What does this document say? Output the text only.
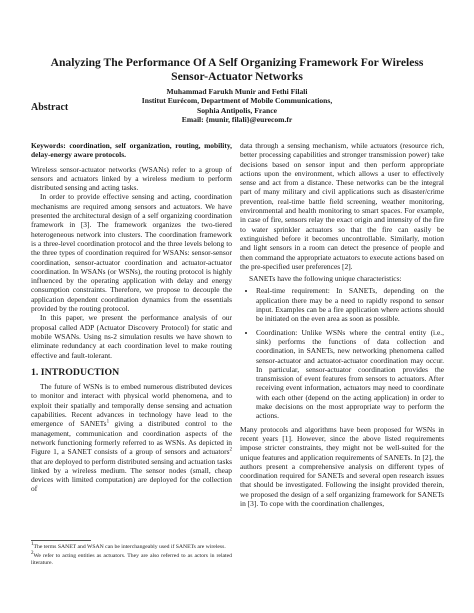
Analyzing The Performance Of A Self Organizing Framework For Wireless
Sensor-Actuator Networks
Muhammad Farukh Munir and Fethi Filali
Institut Eurécom, Department of Mobile Communications,
Sophia Antipolis, France
Email: {munir, filali}@eurecom.fr
Abstract

Keywords: coordination, self organization, routing, mobility, delay-energy aware protocols.

Wireless sensor-actuator networks (WSANs) refer to a group of sensors and actuators linked by a wireless medium to perform distributed sensing and acting tasks.

In order to provide effective sensing and acting, coordination mechanisms are required among sensors and actuators. We have presented the architectural design of a self organizing coordination framework in [3]. The framework organizes the two-tiered heterogeneous network into clusters. The coordination framework is a three-level coordination protocol and the three levels belong to the three types of coordination required for WSANs: sensor-sensor coordination, sensor-actuator coordination and actuator-actuator coordination. In WSANs (or WSNs), the routing protocol is highly influenced by the operating application with delay and energy consumption constraints. Therefore, we propose to decouple the application dependent coordination dynamics from the essentials provided by the routing protocol.

In this paper, we present the performance analysis of our proposal called ADP (Actuator Discovery Protocol) for static and mobile WSANs. Using ns-2 simulation results we have shown to eliminate redundancy at each coordination level to make routing effective and fault-tolerant.

1. INTRODUCTION

The future of WSNs is to embed numerous distributed devices to monitor and interact with physical world phenomena, and to exploit their spatially and temporally dense sensing and actuation capabilities. Recent advances in technology have lead to the emergence of SANETs$^1$ giving a distributed control to the management, communication and coordination aspects of the network functioning formerly referred to as WSNs. As depicted in Figure 1, a SANET consists of a group of sensors and actuators$^2$ that are deployed to perform distributed sensing and actuation tasks linked by a wireless medium. The sensor nodes (small, cheap devices with limited computation) are deployed for the collection of

$^1$The terms SANET and WSAN can be interchangeably used if SANETs are wireless.

$^2$We refer to acting entities as actuators. They are also referred to as actors in related literature.

data through a sensing mechanism, while actuators (resource rich, better processing capabilities and stronger transmission power) take decisions based on sensor input and then perform appropriate actions upon the environment, which allows a user to effectively sense and act from a distance. These networks can be the integral part of many military and civil applications such as disaster/crime prevention, real-time battle field screening, weather monitoring, environmental and health monitoring to smart spaces. For example, in case of fire, sensors relay the exact origin and intensity of the fire to water sprinkler actuators so that the fire can easily be extinguished before it becomes uncontrollable. Similarly, motion and light sensors in a room can detect the presence of people and then command the appropriate actuators to execute actions based on the pre-specified user preferences [2].

SANETs have the following unique characteristics:

• Real-time requirement: In SANETs, depending on the application there may be a need to rapidly respond to sensor input. Examples can be a fire application where actions should be initiated on the even area as soon as possible.
• Coordination: Unlike WSNs where the central entity (i.e., sink) performs the functions of data collection and coordination, in SANETs, new networking phenomena called sensor-actuator and actuator-actuator coordination may occur. In particular, sensor-actuator coordination provides the transmission of event features from sensors to actuators. After receiving event information, actuators may need to coordinate with each other (depend on the acting application) in order to make decisions on the most appropriate way to perform the actions.

Many protocols and algorithms have been proposed for WSNs in recent years [1]. However, since the above listed requirements impose stricter constraints, they might not be well-suited for the unique features and application requirements of SANETs. In [2], the authors present a comprehensive analysis on different types of coordination required for SANETs and several open research issues that should be investigated. Following the insight provided therein, we proposed the design of a self organizing framework for SANETs in [3]. To cope with the coordination challenges,
